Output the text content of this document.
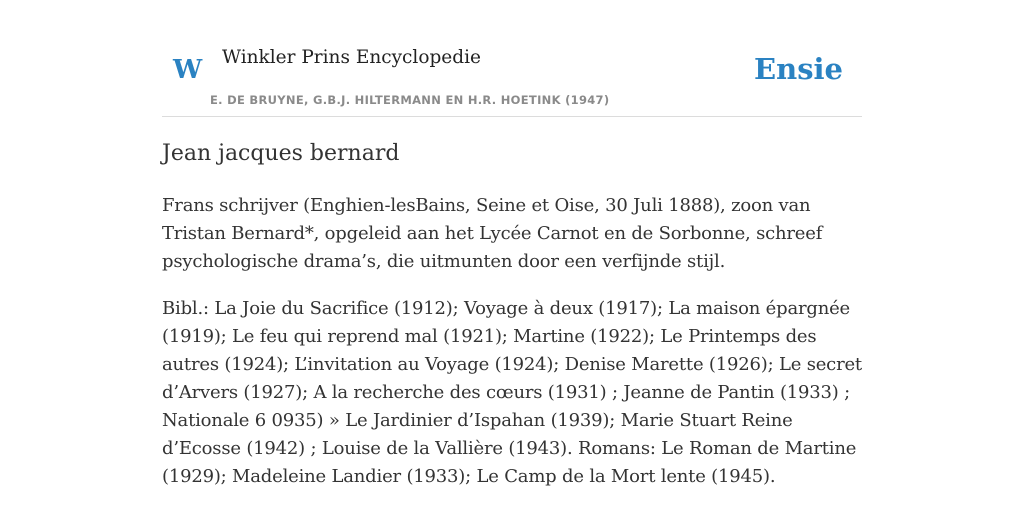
W Winkler Prins Encyclopedie
E. DE BRUYNE, G.B.J. HILTERMANN EN H.R. HOETINK (1947)
Ensie
Jean jacques bernard

Frans schrijver (Enghien-lesBains, Seine et Oise, 30 Juli 1888), zoon van Tristan Bernard*, opgeleid aan het Lycée Carnot en de Sorbonne, schreef psychologische drama’s, die uitmunten door een verfijnde stijl.

Bibl.: La Joie du Sacrifice (1912); Voyage à deux (1917); La maison épargnée (1919); Le feu qui reprend mal (1921); Martine (1922); Le Printemps des autres (1924); L’invitation au Voyage (1924); Denise Marette (1926); Le secret d’Arvers (1927); A la recherche des cœurs (1931) ; Jeanne de Pantin (1933) ; Nationale 6 0935) » Le Jardinier d’Ispahan (1939); Marie Stuart Reine d’Ecosse (1942) ; Louise de la Vallière (1943). Romans: Le Roman de Martine (1929); Madeleine Landier (1933); Le Camp de la Mort lente (1945).
